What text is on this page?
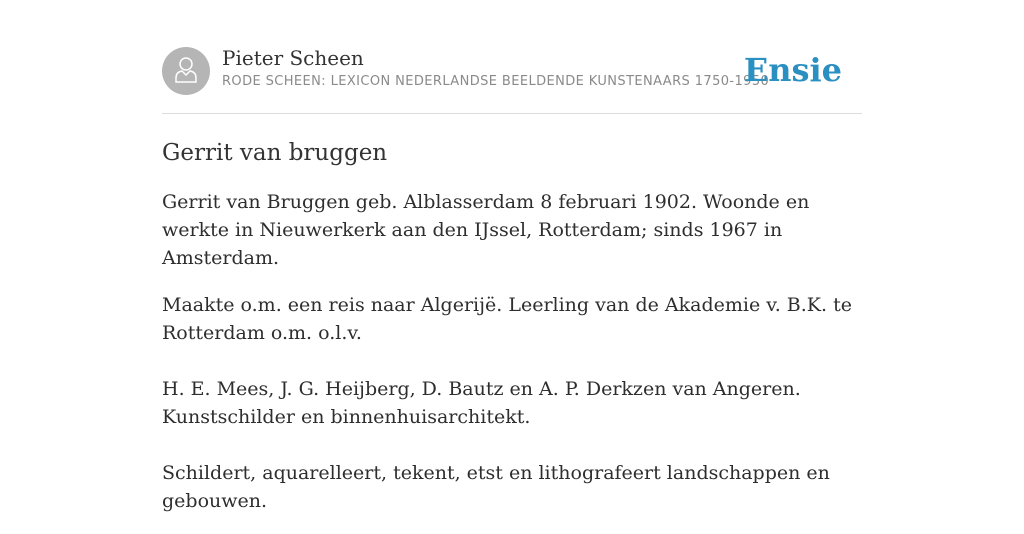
Pieter Scheen
RODE SCHEEN: LEXICON NEDERLANDSE BEELDENDE KUNSTENAARS 1750-1950
Ensie
Gerrit van bruggen

Gerrit van Bruggen geb. Alblasserdam 8 februari 1902. Woonde en werkte in Nieuwerkerk aan den IJssel, Rotterdam; sinds 1967 in Amsterdam.

Maakte o.m. een reis naar Algerijë. Leerling van de Akademie v. B.K. te Rotterdam o.m. o.l.v.

H. E. Mees, J. G. Heijberg, D. Bautz en A. P. Derkzen van Angeren. Kunstschilder en binnenhuisarchitekt.

Schildert, aquarelleert, tekent, etst en lithografeert landschappen en gebouwen.
